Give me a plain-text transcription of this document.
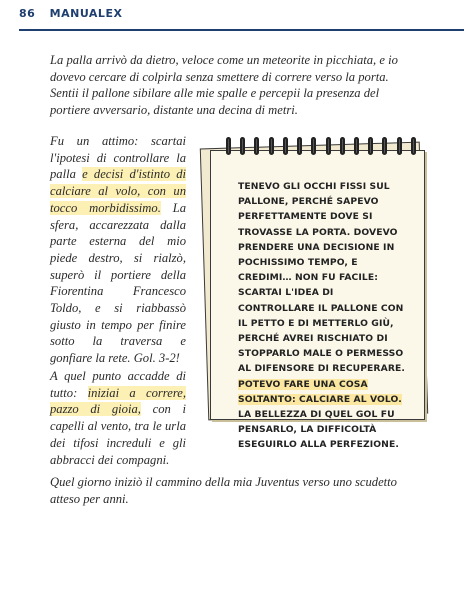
86 MANUALEX

La palla arrivò da dietro, veloce come un meteorite in picchiata, e io dovevo cercare di colpirla senza smettere di correre verso la porta. Sentii il pallone sibilare alle mie spalle e percepii la presenza del portiere avversario, distante una decina di metri.

Fu un attimo: scartai l'ipotesi di controllare la palla e decisi d'istinto di calciare al volo, con un tocco morbidissimo. La sfera, accarezzata dalla parte esterna del mio piede destro, si rialzò, superò il portiere della Fiorentina Francesco Toldo, e si riabbassò giusto in tempo per finire sotto la traversa e gonfiare la rete. Gol. 3-2!

A quel punto accadde di tutto: iniziai a correre, pazzo di gioia, con i capelli al vento, tra le urla dei tifosi increduli e gli abbracci dei compagni.

TENEVO GLI OCCHI FISSI SUL PALLONE, PERCHÉ SAPEVO PERFETTAMENTE DOVE SI TROVASSE LA PORTA. DOVEVO PRENDERE UNA DECISIONE IN POCHISSIMO TEMPO, E CREDIMI… NON FU FACILE: SCARTAI L'IDEA DI CONTROLLARE IL PALLONE CON IL PETTO E DI METTERLO GIÙ, PERCHÉ AVREI RISCHIATO DI STOPPARLO MALE O PERMESSO AL DIFENSORE DI RECUPERARE. POTEVO FARE UNA COSA SOLTANTO: CALCIARE AL VOLO. LA BELLEZZA DI QUEL GOL FU PENSARLO, LA DIFFICOLTÀ ESEGUIRLO ALLA PERFEZIONE.

Quel giorno iniziò il cammino della mia Juventus verso uno scudetto atteso per anni.
